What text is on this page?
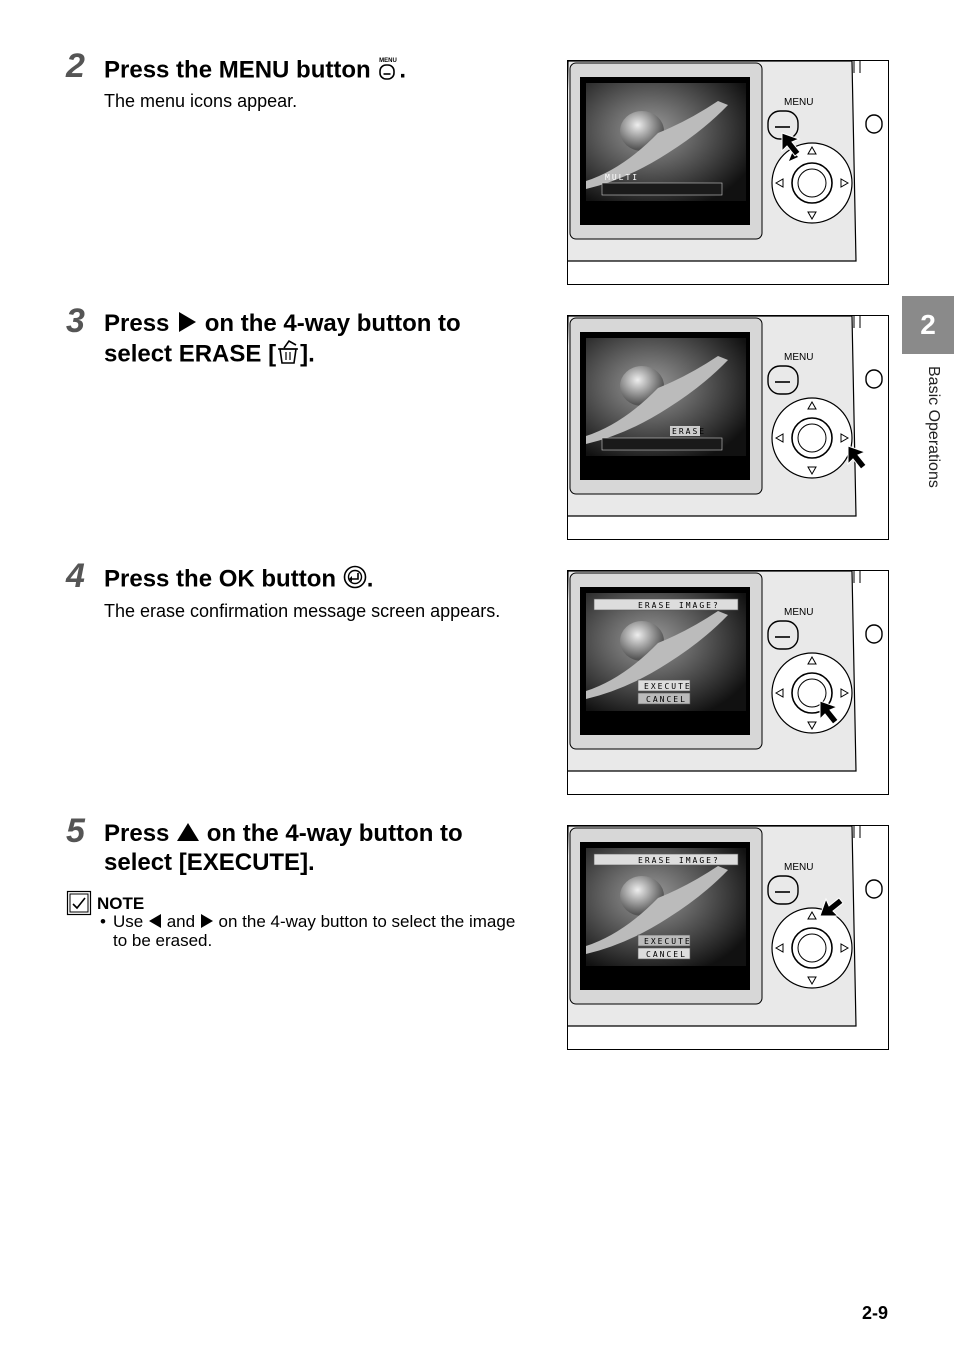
2
Basic Operations
2 Press the MENU button MENU .
The menu icons appear.
3 Press on the 4-way button to
select ERASE [ ].
4 Press the OK button .
The erase confirmation message screen appears.
5 Press on the 4-way button to
select [EXECUTE].
NOTE
• Use and on the 4-way button to select the image
to be erased.
MULTI
MENU
ERASE
MENU
ERASE IMAGE?
EXECUTE
CANCEL
MENU
ERASE IMAGE?
EXECUTE
CANCEL
MENU
2-9
